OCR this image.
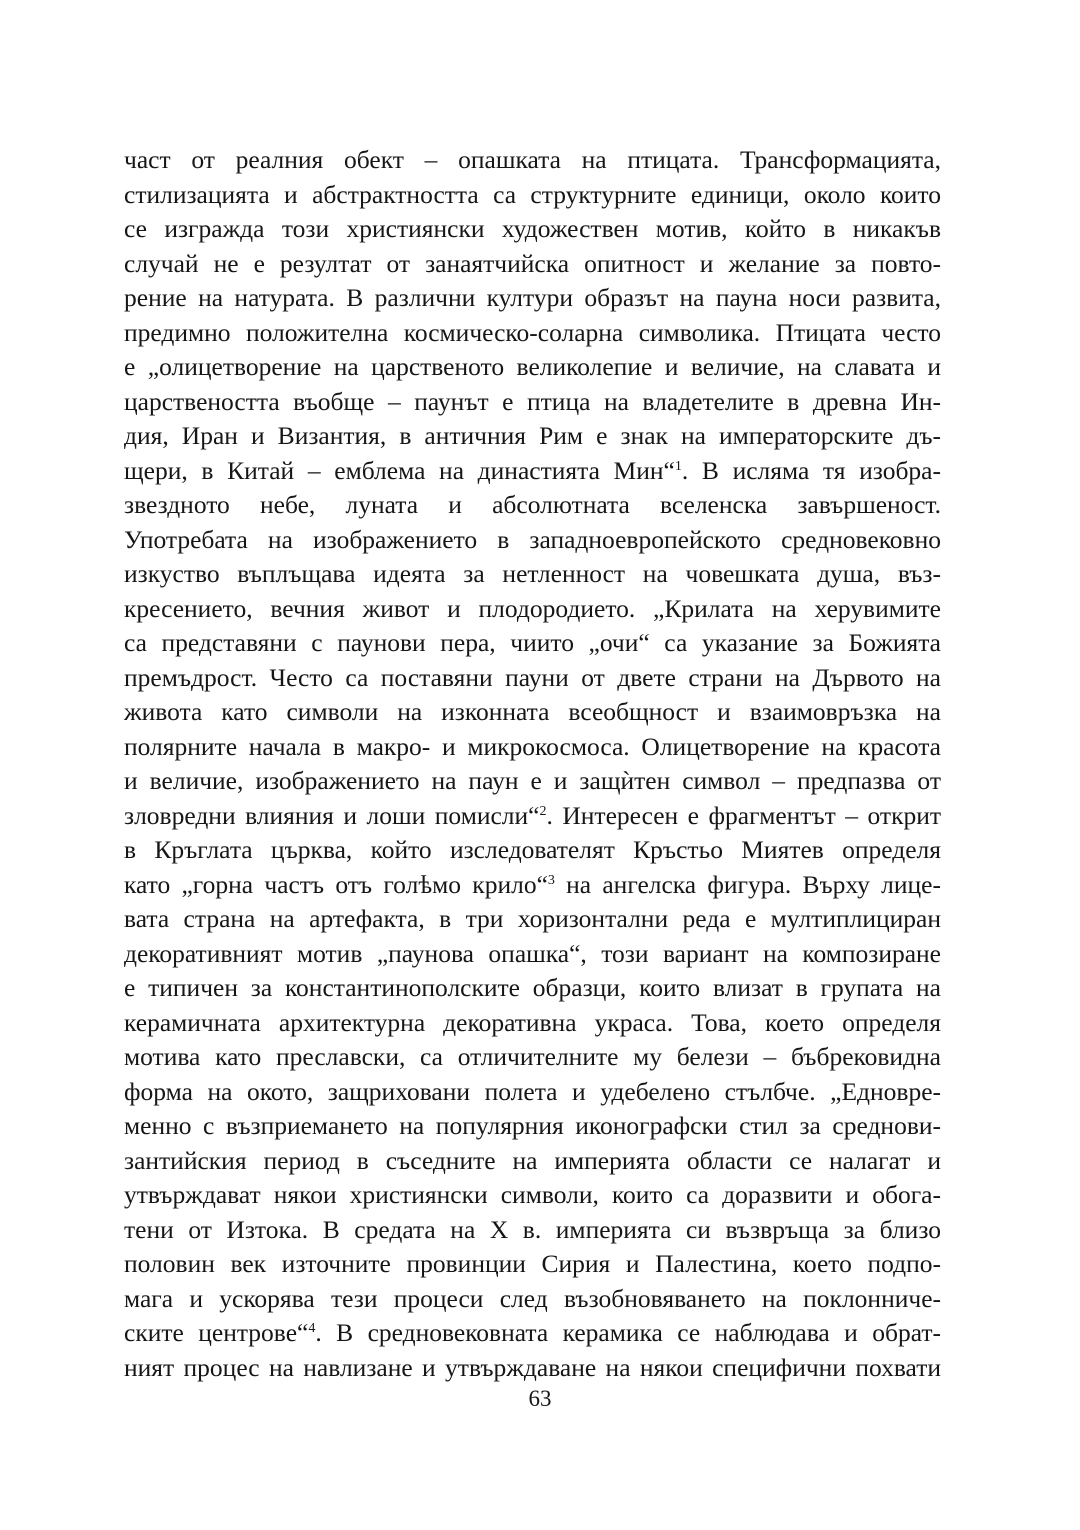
част от реалния обект – опашката на птицата. Трансформацията,
стилизацията и абстрактността са структурните единици, около които
се изгражда този християнски художествен мотив, който в никакъв
случай не е резултат от занаятчийска опитност и желание за повто-
рение на натурата. В различни култури образът на пауна носи развита,
предимно положителна космическо-соларна символика. Птицата често
е „олицетворение на царственото великолепие и величие, на славата и
царствеността въобще – паунът е птица на владетелите в древна Ин-
дия, Иран и Византия, в античния Рим е знак на императорските дъ-
щери, в Китай – емблема на династията Мин“$^1$. В исляма тя изобра-
звездното небе, луната и абсолютната вселенска завършеност.
Употребата на изображението в западноевропейското средновековно
изкуство въплъщава идеята за нетленност на човешката душа, въз-
кресението, вечния живот и плодородието. „Крилата на херувимите
са представяни с паунови пера, чиито „очи“ са указание за Божията
премъдрост. Често са поставяни пауни от двете страни на Дървото на
живота като символи на изконната всеобщност и взаимовръзка на
полярните начала в макро- и микрокосмоса. Олицетворение на красота
и величие, изображението на паун е и защѝтен символ – предпазва от
зловредни влияния и лоши помисли“$^2$. Интересен е фрагментът – открит
в Кръглата църква, който изследователят Кръстьо Миятев определя
като „горна частъ отъ голѣмо крило“$^3$ на ангелска фигура. Върху лице-
вата страна на артефакта, в три хоризонтални реда е мултиплициран
декоративният мотив „паунова опашка“, този вариант на композиране
е типичен за константинополските образци, които влизат в групата на
керамичната архитектурна декоративна украса. Това, което определя
мотива като преславски, са отличителните му белези – бъбрековидна
форма на окото, защриховани полета и удебелено стълбче. „Едновре-
менно с възприемането на популярния иконографски стил за среднови-
зантийския период в съседните на империята области се налагат и
утвърждават някои християнски символи, които са доразвити и обога-
тени от Изтока. В средата на X в. империята си възвръща за близо
половин век източните провинции Сирия и Палестина, което подпо-
мага и ускорява тези процеси след възобновяването на поклонниче-
ските центрове“$^4$. В средновековната керамика се наблюдава и обрат-
ният процес на навлизане и утвърждаване на някои специфични похвати
63
